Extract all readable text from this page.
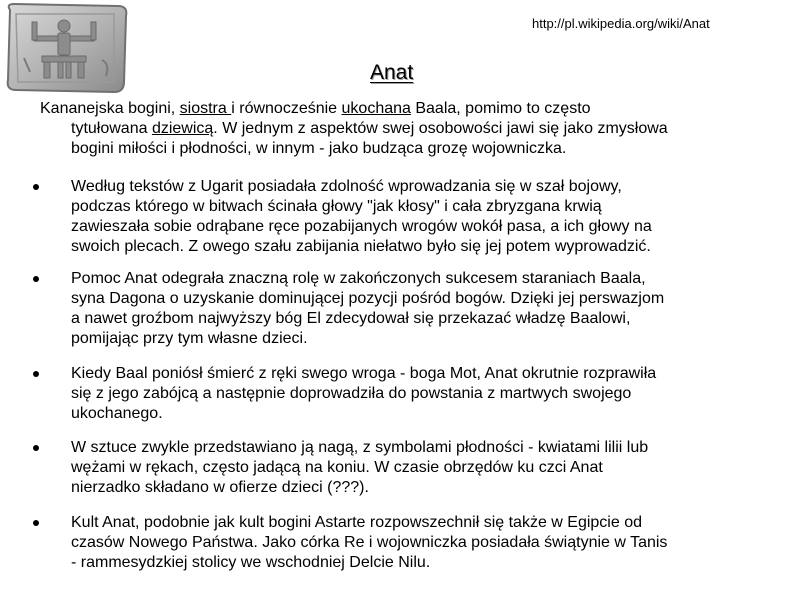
http://pl.wikipedia.org/wiki/Anat
Anat
Kananejska bogini, siostra i równocześnie ukochana Baala, pomimo to często
tytułowana dziewicą. W jednym z aspektów swej osobowości jawi się jako zmysłowa
bogini miłości i płodności, w innym - jako budząca grozę wojowniczka.
Według tekstów z Ugarit posiadała zdolność wprowadzania się w szał bojowy,
podczas którego w bitwach ścinała głowy "jak kłosy" i cała zbryzgana krwią
zawieszała sobie odrąbane ręce pozabijanych wrogów wokół pasa, a ich głowy na
swoich plecach. Z owego szału zabijania niełatwo było się jej potem wyprowadzić.
Pomoc Anat odegrała znaczną rolę w zakończonych sukcesem staraniach Baala,
syna Dagona o uzyskanie dominującej pozycji pośród bogów. Dzięki jej perswazjom
a nawet groźbom najwyższy bóg El zdecydował się przekazać władzę Baalowi,
pomijając przy tym własne dzieci.
Kiedy Baal poniósł śmierć z ręki swego wroga - boga Mot, Anat okrutnie rozprawiła
się z jego zabójcą a następnie doprowadziła do powstania z martwych swojego
ukochanego.
W sztuce zwykle przedstawiano ją nagą, z symbolami płodności - kwiatami lilii lub
wężami w rękach, często jadącą na koniu. W czasie obrzędów ku czci Anat
nierzadko składano w ofierze dzieci (???).
Kult Anat, podobnie jak kult bogini Astarte rozpowszechnił się także w Egipcie od
czasów Nowego Państwa. Jako córka Re i wojowniczka posiadała świątynie w Tanis
- rammesydzkiej stolicy we wschodniej Delcie Nilu.
